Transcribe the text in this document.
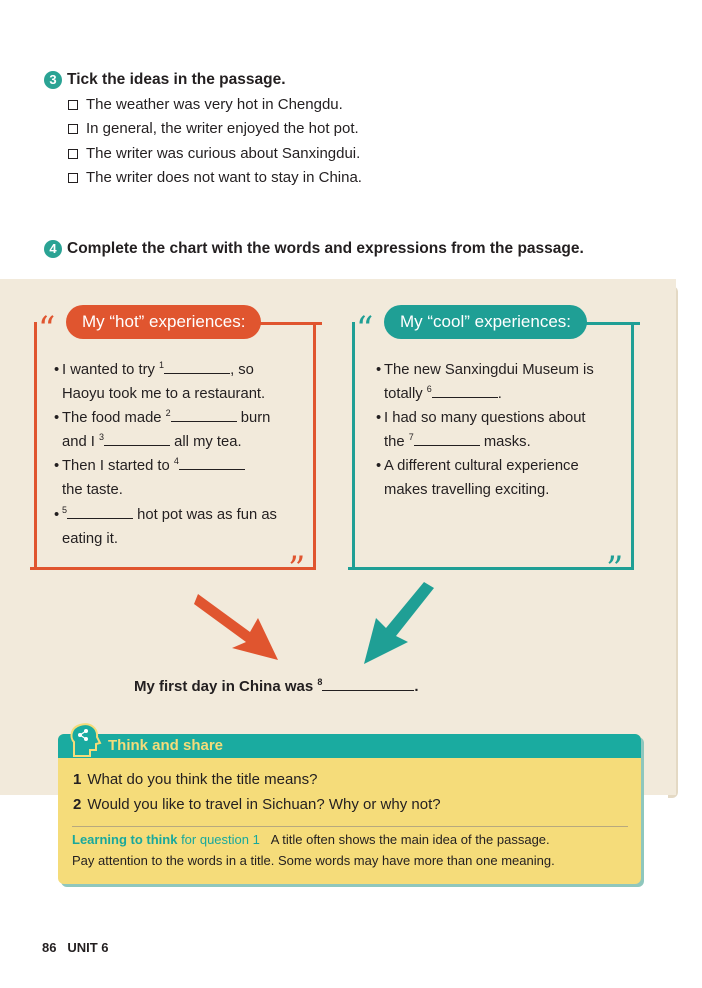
3 Tick the ideas in the passage.
The weather was very hot in Chengdu.
In general, the writer enjoyed the hot pot.
The writer was curious about Sanxingdui.
The writer does not want to stay in China.
4 Complete the chart with the words and expressions from the passage.
“	My “hot” experiences:
”
• I wanted to try $^1$	, so
Haoyu took me to a restaurant.
• The food made $^2$	burn
and I $^3$	all my tea.
• Then I started to $^4$
the taste.
• $^5$	hot pot was as fun as
eating it.
“	My “cool” experiences:
”
• The new Sanxingdui Museum is
totally $^6$	.
• I had so many questions about
the $^7$	masks.
• A different cultural experience
makes travelling exciting.
My first day in China was $^8$	.
Think and share
1 What do you think the title means?
2 Would you like to travel in Sichuan? Why or why not?
Learning to think for question 1 A title often shows the main idea of the passage.
Pay attention to the words in a title. Some words may have more than one meaning.
86 UNIT 6
